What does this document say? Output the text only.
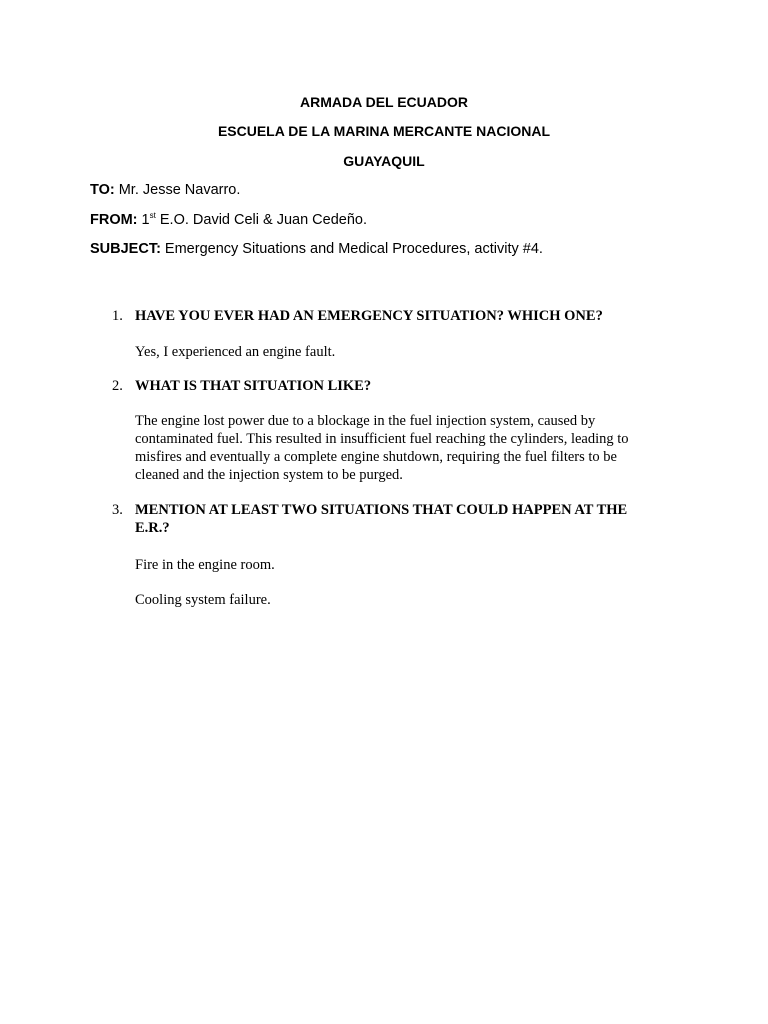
ARMADA DEL ECUADOR
ESCUELA DE LA MARINA MERCANTE NACIONAL
GUAYAQUIL
TO: Mr. Jesse Navarro.
FROM: 1st E.O. David Celi & Juan Cedeño.
SUBJECT: Emergency Situations and Medical Procedures, activity #4.
1. HAVE YOU EVER HAD AN EMERGENCY SITUATION? WHICH ONE?
Yes, I experienced an engine fault.
2. WHAT IS THAT SITUATION LIKE?
The engine lost power due to a blockage in the fuel injection system, caused by contaminated fuel. This resulted in insufficient fuel reaching the cylinders, leading to misfires and eventually a complete engine shutdown, requiring the fuel filters to be cleaned and the injection system to be purged.
3. MENTION AT LEAST TWO SITUATIONS THAT COULD HAPPEN AT THE E.R.?
Fire in the engine room.
Cooling system failure.
